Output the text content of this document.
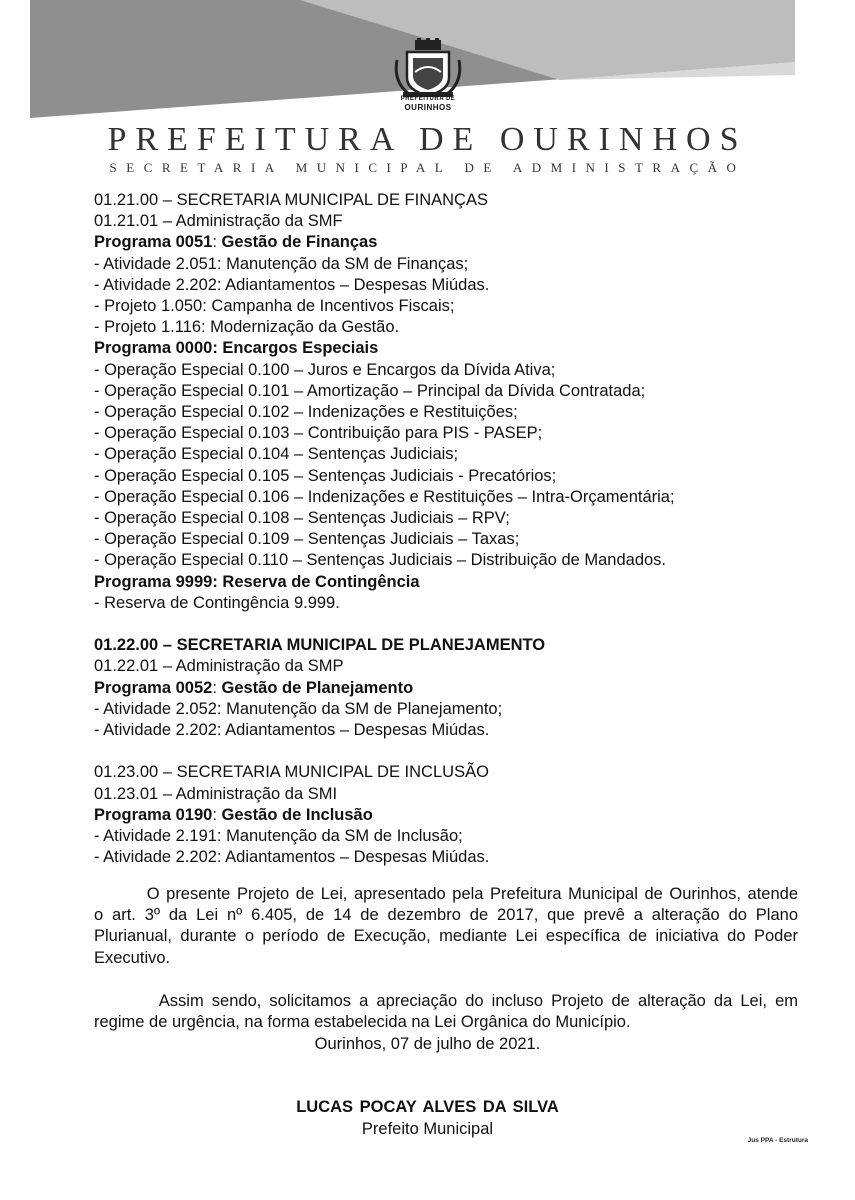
PREFEITURA DE
OURINHOS
PREFEITURA DE OURINHOS
SECRETARIA MUNICIPAL DE ADMINISTRAÇÃO
01.21.00 – SECRETARIA MUNICIPAL DE FINANÇAS
01.21.01 – Administração da SMF
Programa 0051: Gestão de Finanças
- Atividade 2.051: Manutenção da SM de Finanças;
- Atividade 2.202: Adiantamentos – Despesas Miúdas.
- Projeto 1.050: Campanha de Incentivos Fiscais;
- Projeto 1.116: Modernização da Gestão.
Programa 0000: Encargos Especiais
- Operação Especial 0.100 – Juros e Encargos da Dívida Ativa;
- Operação Especial 0.101 – Amortização – Principal da Dívida Contratada;
- Operação Especial 0.102 – Indenizações e Restituições;
- Operação Especial 0.103 – Contribuição para PIS - PASEP;
- Operação Especial 0.104 – Sentenças Judiciais;
- Operação Especial 0.105 – Sentenças Judiciais - Precatórios;
- Operação Especial 0.106 – Indenizações e Restituições – Intra-Orçamentária;
- Operação Especial 0.108 – Sentenças Judiciais – RPV;
- Operação Especial 0.109 – Sentenças Judiciais – Taxas;
- Operação Especial 0.110 – Sentenças Judiciais – Distribuição de Mandados.
Programa 9999: Reserva de Contingência
- Reserva de Contingência 9.999.
01.22.00 – SECRETARIA MUNICIPAL DE PLANEJAMENTO
01.22.01 – Administração da SMP
Programa 0052: Gestão de Planejamento
- Atividade 2.052: Manutenção da SM de Planejamento;
- Atividade 2.202: Adiantamentos – Despesas Miúdas.
01.23.00 – SECRETARIA MUNICIPAL DE INCLUSÃO
01.23.01 – Administração da SMI
Programa 0190: Gestão de Inclusão
- Atividade 2.191: Manutenção da SM de Inclusão;
- Atividade 2.202: Adiantamentos – Despesas Miúdas.
O presente Projeto de Lei, apresentado pela Prefeitura Municipal de Ourinhos, atende
o art. 3º da Lei nº 6.405, de 14 de dezembro de 2017, que prevê a alteração do Plano
Plurianual, durante o período de Execução, mediante Lei específica de iniciativa do Poder
Executivo.
Assim sendo, solicitamos a apreciação do incluso Projeto de alteração da Lei, em
regime de urgência, na forma estabelecida na Lei Orgânica do Município.
Ourinhos, 07 de julho de 2021.
LUCAS POCAY ALVES DA SILVA
Prefeito Municipal
Jus PPA - Estrutura
